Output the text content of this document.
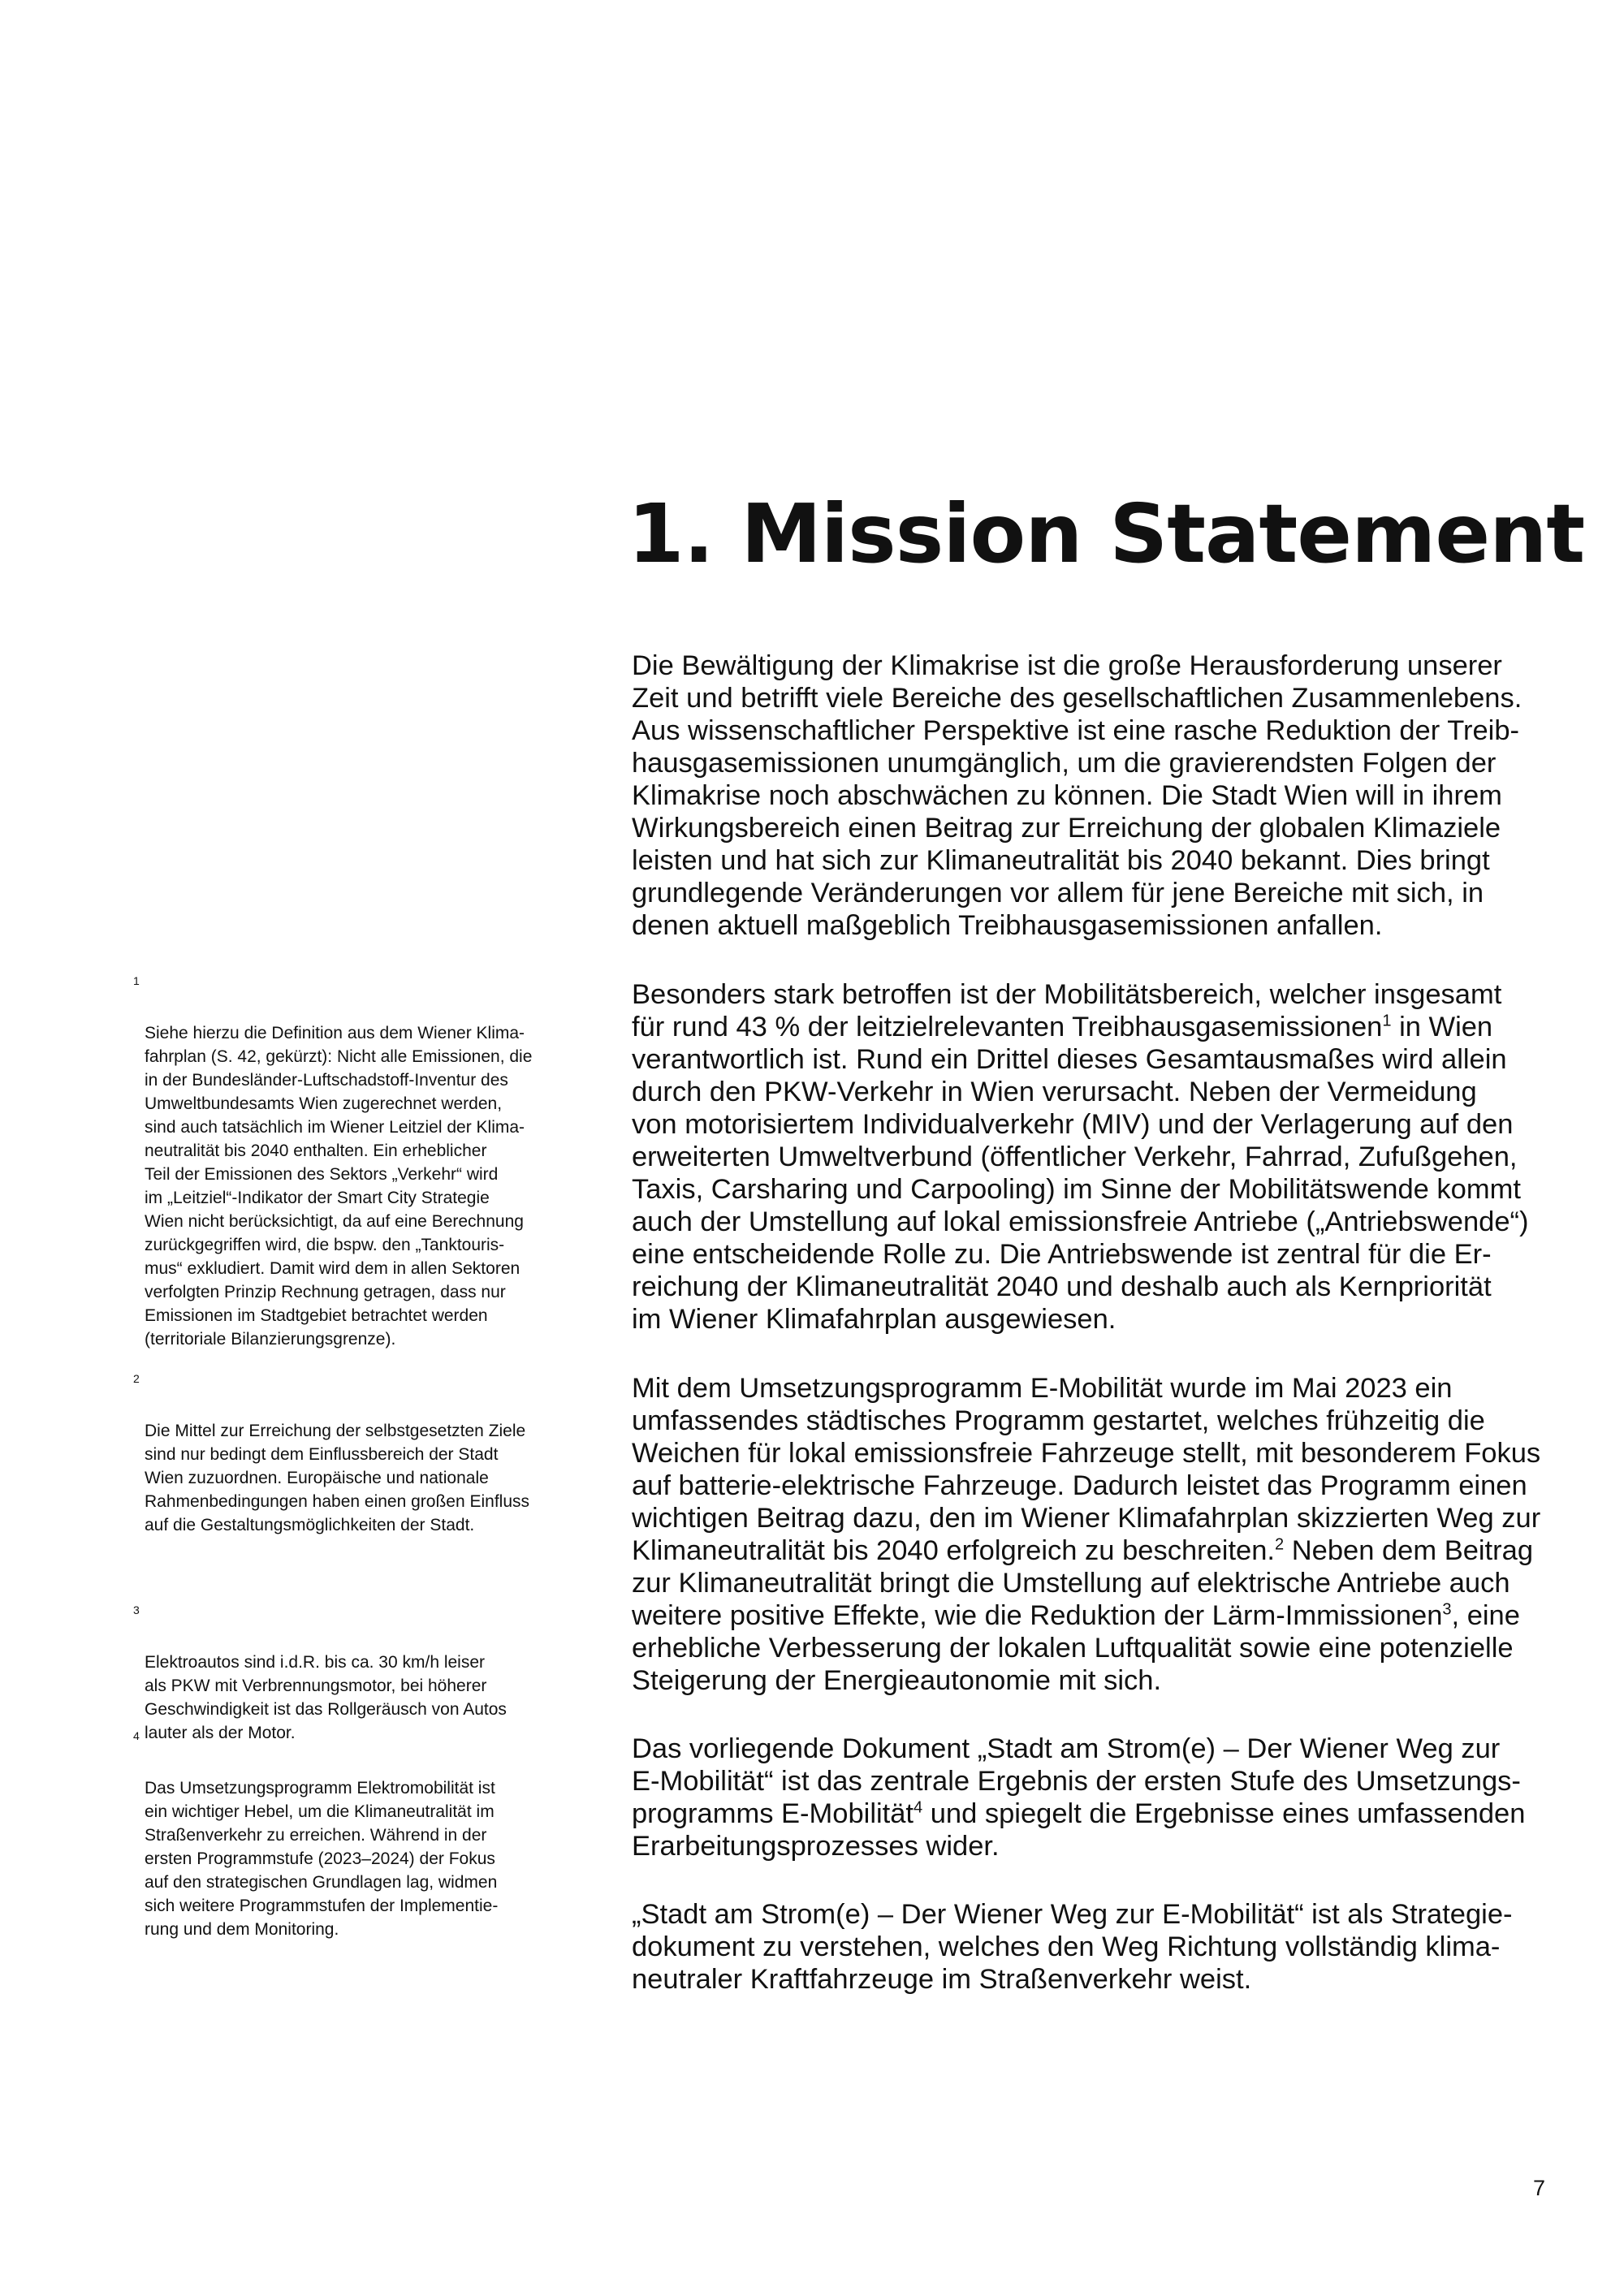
1. Mission Statement

Die Bewältigung der Klimakrise ist die große Herausforderung unserer
Zeit und betrifft viele Bereiche des gesellschaftlichen Zusammenlebens.
Aus wissenschaftlicher Perspektive ist eine rasche Reduktion der Treib-
hausgasemissionen unumgänglich, um die gravierendsten Folgen der
Klimakrise noch abschwächen zu können. Die Stadt Wien will in ihrem
Wirkungsbereich einen Beitrag zur Erreichung der globalen Klimaziele
leisten und hat sich zur Klimaneutralität bis 2040 bekannt. Dies bringt
grundlegende Veränderungen vor allem für jene Bereiche mit sich, in
denen aktuell maßgeblich Treibhausgasemissionen anfallen.

Besonders stark betroffen ist der Mobilitätsbereich, welcher insgesamt
für rund 43 % der leitzielrelevanten Treibhausgasemissionen$^1$ in Wien
verantwortlich ist. Rund ein Drittel dieses Gesamtausmaßes wird allein
durch den PKW-Verkehr in Wien verursacht. Neben der Vermeidung
von motorisiertem Individualverkehr (MIV) und der Verlagerung auf den
erweiterten Umweltverbund (öffentlicher Verkehr, Fahrrad, Zufußgehen,
Taxis, Carsharing und Carpooling) im Sinne der Mobilitätswende kommt
auch der Umstellung auf lokal emissionsfreie Antriebe („Antriebswende“)
eine entscheidende Rolle zu. Die Antriebswende ist zentral für die Er-
reichung der Klimaneutralität 2040 und deshalb auch als Kernpriorität
im Wiener Klimafahrplan ausgewiesen.

Mit dem Umsetzungsprogramm E-Mobilität wurde im Mai 2023 ein
umfassendes städtisches Programm gestartet, welches frühzeitig die
Weichen für lokal emissionsfreie Fahrzeuge stellt, mit besonderem Fokus
auf batterie-elektrische Fahrzeuge. Dadurch leistet das Programm einen
wichtigen Beitrag dazu, den im Wiener Klimafahrplan skizzierten Weg zur
Klimaneutralität bis 2040 erfolgreich zu beschreiten.$^2$ Neben dem Beitrag
zur Klimaneutralität bringt die Umstellung auf elektrische Antriebe auch
weitere positive Effekte, wie die Reduktion der Lärm-Immissionen$^3$, eine
erhebliche Verbesserung der lokalen Luftqualität sowie eine potenzielle
Steigerung der Energieautonomie mit sich.

Das vorliegende Dokument „Stadt am Strom(e) – Der Wiener Weg zur
E-Mobilität“ ist das zentrale Ergebnis der ersten Stufe des Umsetzungs-
programms E-Mobilität$^4$ und spiegelt die Ergebnisse eines umfassenden
Erarbeitungsprozesses wider.

„Stadt am Strom(e) – Der Wiener Weg zur E-Mobilität“ ist als Strategie-
dokument zu verstehen, welches den Weg Richtung vollständig klima-
neutraler Kraftfahrzeuge im Straßenverkehr weist.

1

Siehe hierzu die Definition aus dem Wiener Klima-
fahrplan (S. 42, gekürzt): Nicht alle Emissionen, die
in der Bundesländer-Luftschadstoff-Inventur des
Umweltbundesamts Wien zugerechnet werden,
sind auch tatsächlich im Wiener Leitziel der Klima-
neutralität bis 2040 enthalten. Ein erheblicher
Teil der Emissionen des Sektors „Verkehr“ wird
im „Leitziel“-Indikator der Smart City Strategie
Wien nicht berücksichtigt, da auf eine Berechnung
zurückgegriffen wird, die bspw. den „Tanktouris-
mus“ exkludiert. Damit wird dem in allen Sektoren
verfolgten Prinzip Rechnung getragen, dass nur
Emissionen im Stadtgebiet betrachtet werden
(territoriale Bilanzierungsgrenze).

2

Die Mittel zur Erreichung der selbstgesetzten Ziele
sind nur bedingt dem Einflussbereich der Stadt
Wien zuzuordnen. Europäische und nationale
Rahmenbedingungen haben einen großen Einfluss
auf die Gestaltungsmöglichkeiten der Stadt.

3

Elektroautos sind i.d.R. bis ca. 30 km/h leiser
als PKW mit Verbrennungsmotor, bei höherer
Geschwindigkeit ist das Rollgeräusch von Autos
lauter als der Motor.

4

Das Umsetzungsprogramm Elektromobilität ist
ein wichtiger Hebel, um die Klimaneutralität im
Straßenverkehr zu erreichen. Während in der
ersten Programmstufe (2023–2024) der Fokus
auf den strategischen Grundlagen lag, widmen
sich weitere Programmstufen der Implementie-
rung und dem Monitoring.

7
